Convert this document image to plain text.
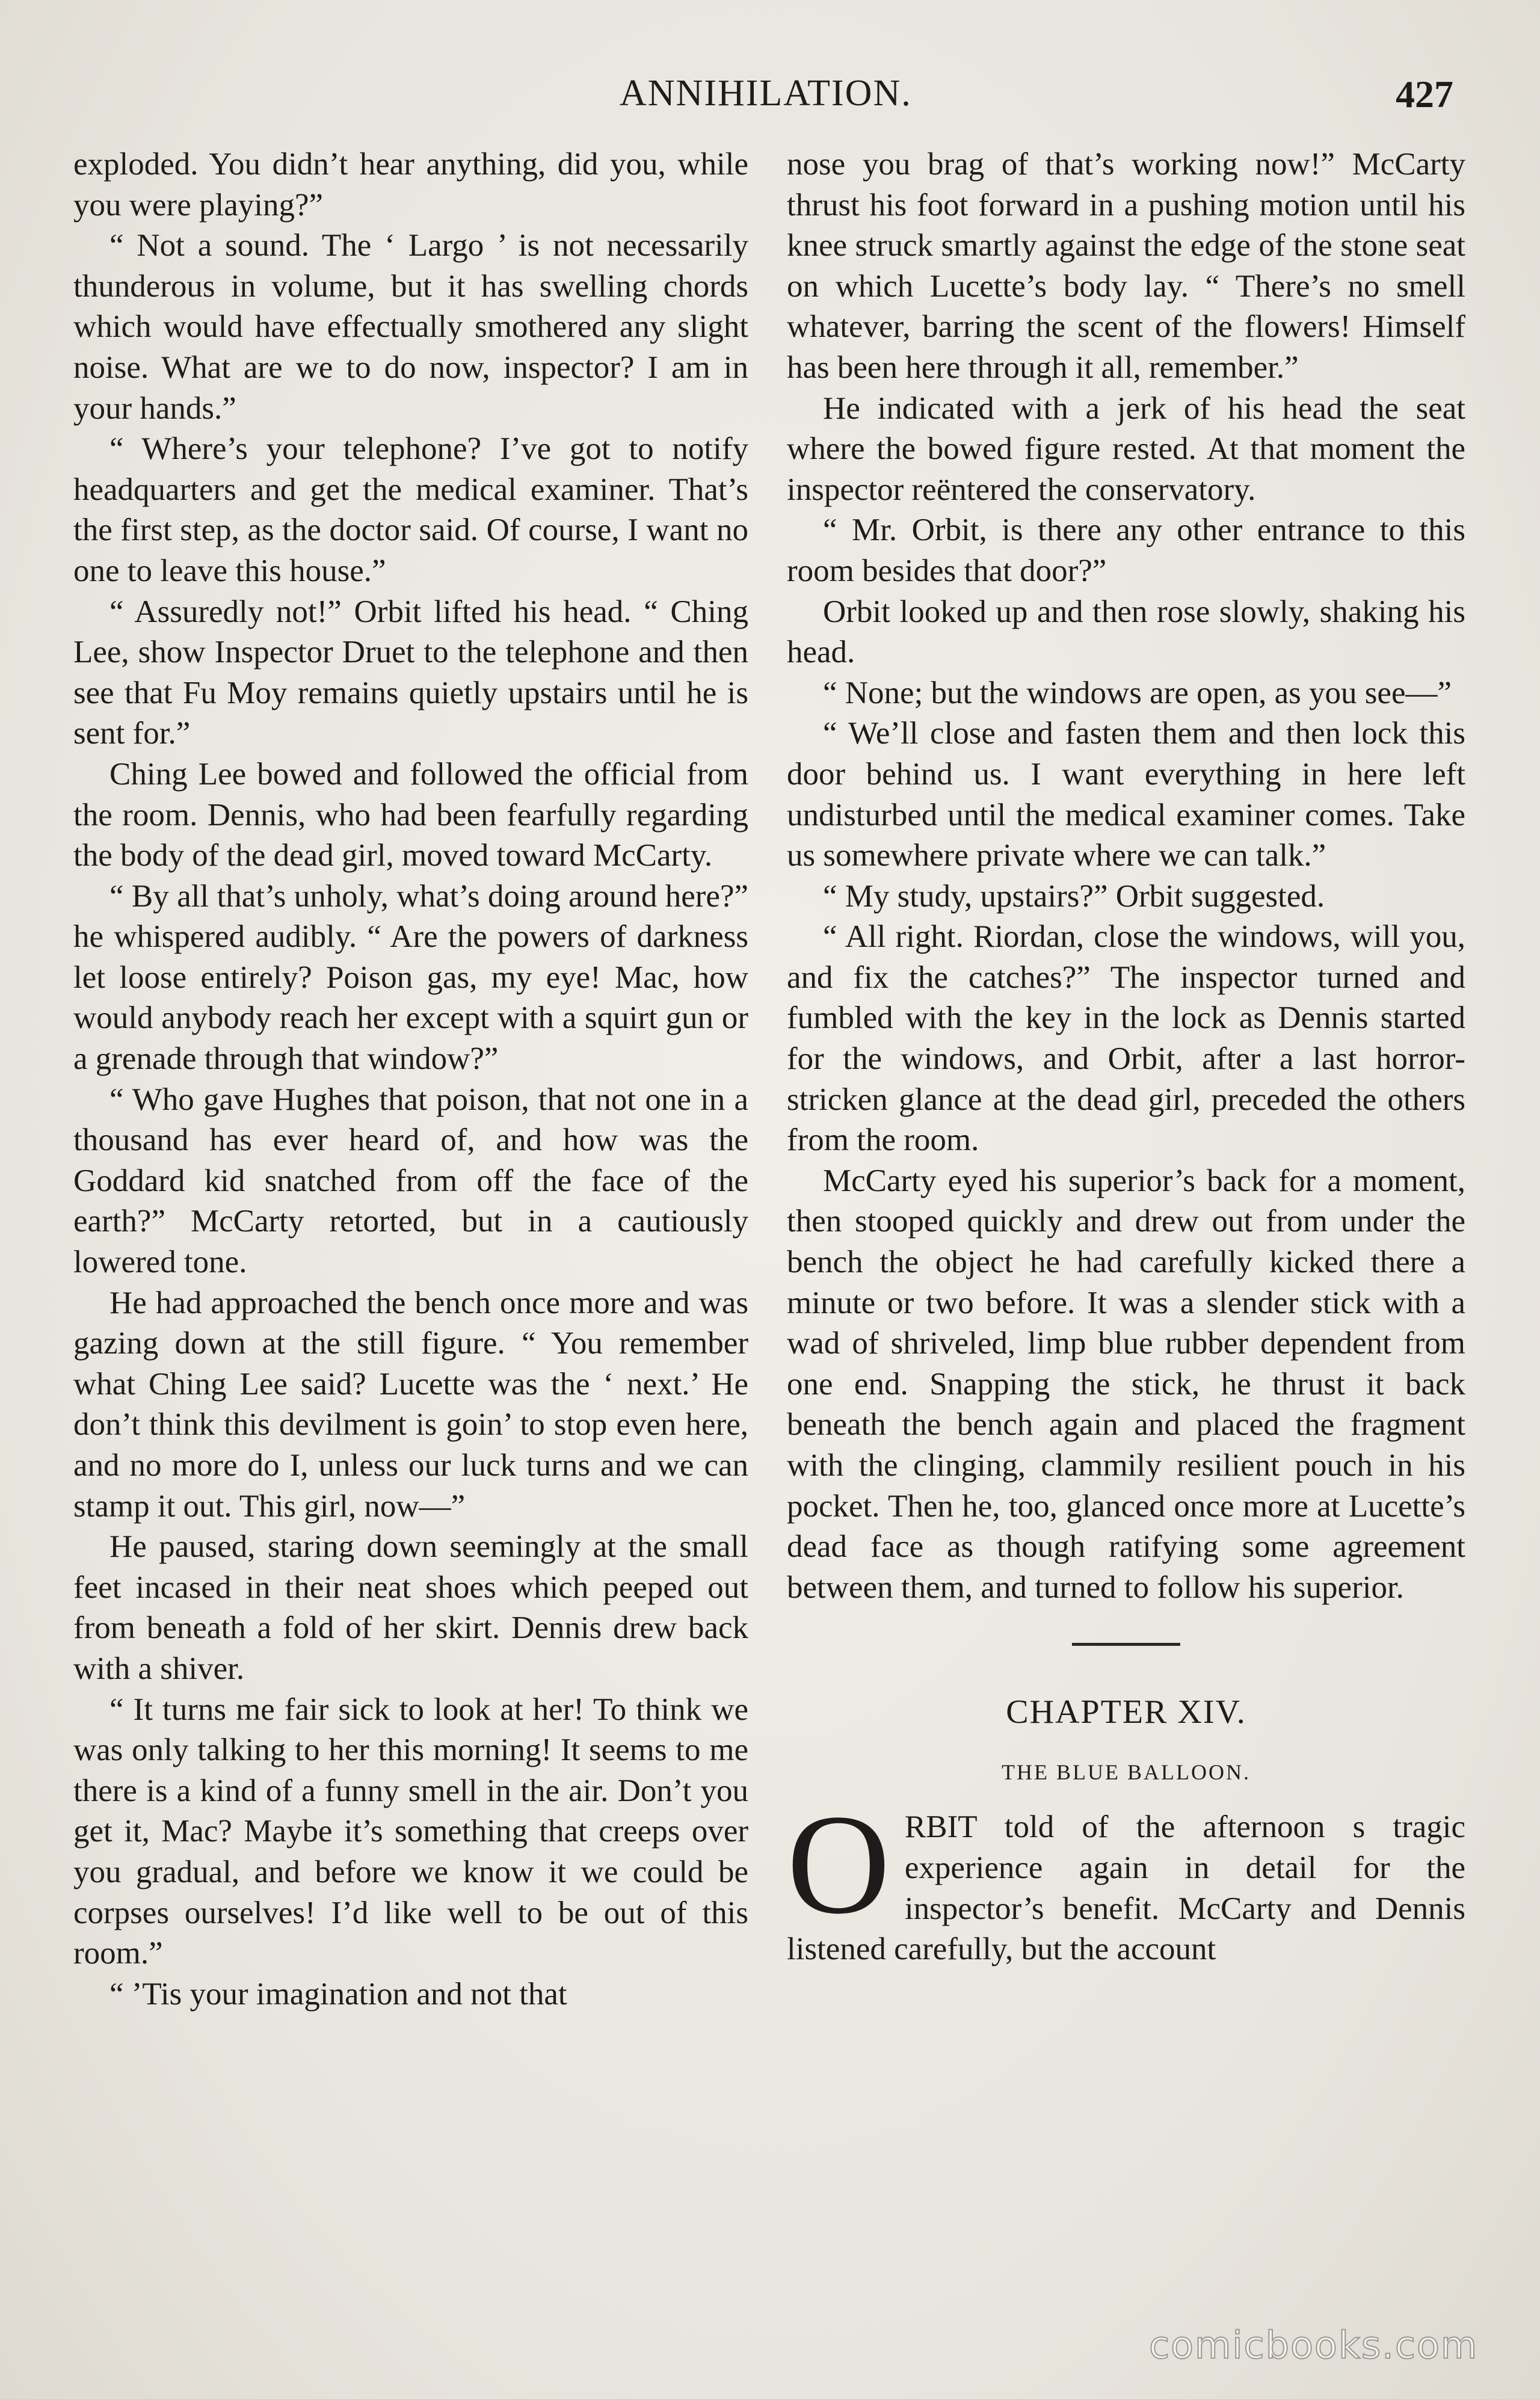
ANNIHILATION.	427

exploded. You didn’t hear anything, did you, while you were playing?”

“ Not a sound. The ‘ Largo ’ is not necessarily thunderous in volume, but it has swelling chords which would have effectually smothered any slight noise. What are we to do now, inspector? I am in your hands.”

“ Where’s your telephone? I’ve got to notify headquarters and get the medical examiner. That’s the first step, as the doctor said. Of course, I want no one to leave this house.”

“ Assuredly not!” Orbit lifted his head. “ Ching Lee, show Inspector Druet to the telephone and then see that Fu Moy remains quietly upstairs until he is sent for.”

Ching Lee bowed and followed the official from the room. Dennis, who had been fearfully regarding the body of the dead girl, moved toward McCarty.

“ By all that’s unholy, what’s doing around here?” he whispered audibly. “ Are the powers of darkness let loose entirely? Poison gas, my eye! Mac, how would anybody reach her except with a squirt gun or a grenade through that window?”

“ Who gave Hughes that poison, that not one in a thousand has ever heard of, and how was the Goddard kid snatched from off the face of the earth?” McCarty retorted, but in a cautiously lowered tone.

He had approached the bench once more and was gazing down at the still figure. “ You remember what Ching Lee said? Lucette was the ‘ next.’ He don’t think this devilment is goin’ to stop even here, and no more do I, unless our luck turns and we can stamp it out. This girl, now—”

He paused, staring down seemingly at the small feet incased in their neat shoes which peeped out from beneath a fold of her skirt. Dennis drew back with a shiver.

“ It turns me fair sick to look at her! To think we was only talking to her this morning! It seems to me there is a kind of a funny smell in the air. Don’t you get it, Mac? Maybe it’s something that creeps over you gradual, and before we know it we could be corpses ourselves! I’d like well to be out of this room.”

“ ’Tis your imagination and not that

nose you brag of that’s working now!” McCarty thrust his foot forward in a pushing motion until his knee struck smartly against the edge of the stone seat on which Lucette’s body lay. “ There’s no smell whatever, barring the scent of the flowers! Himself has been here through it all, remember.”

He indicated with a jerk of his head the seat where the bowed figure rested. At that moment the inspector reëntered the conservatory.

“ Mr. Orbit, is there any other entrance to this room besides that door?”

Orbit looked up and then rose slowly, shaking his head.

“ None; but the windows are open, as you see—”

“ We’ll close and fasten them and then lock this door behind us. I want everything in here left undisturbed until the medical examiner comes. Take us somewhere private where we can talk.”

“ My study, upstairs?” Orbit suggested.

“ All right. Riordan, close the windows, will you, and fix the catches?” The inspector turned and fumbled with the key in the lock as Dennis started for the windows, and Orbit, after a last horror-stricken glance at the dead girl, preceded the others from the room.

McCarty eyed his superior’s back for a moment, then stooped quickly and drew out from under the bench the object he had carefully kicked there a minute or two before. It was a slender stick with a wad of shriveled, limp blue rubber dependent from one end. Snapping the stick, he thrust it back beneath the bench again and placed the fragment with the clinging, clammily resilient pouch in his pocket. Then he, too, glanced once more at Lucette’s dead face as though ratifying some agreement between them, and turned to follow his superior.

CHAPTER XIV.
THE BLUE BALLOON.
O RBIT told of the afternoon s tragic experience again in detail for the inspector’s benefit. McCarty and Dennis listened carefully, but the account
comicbooks.com
